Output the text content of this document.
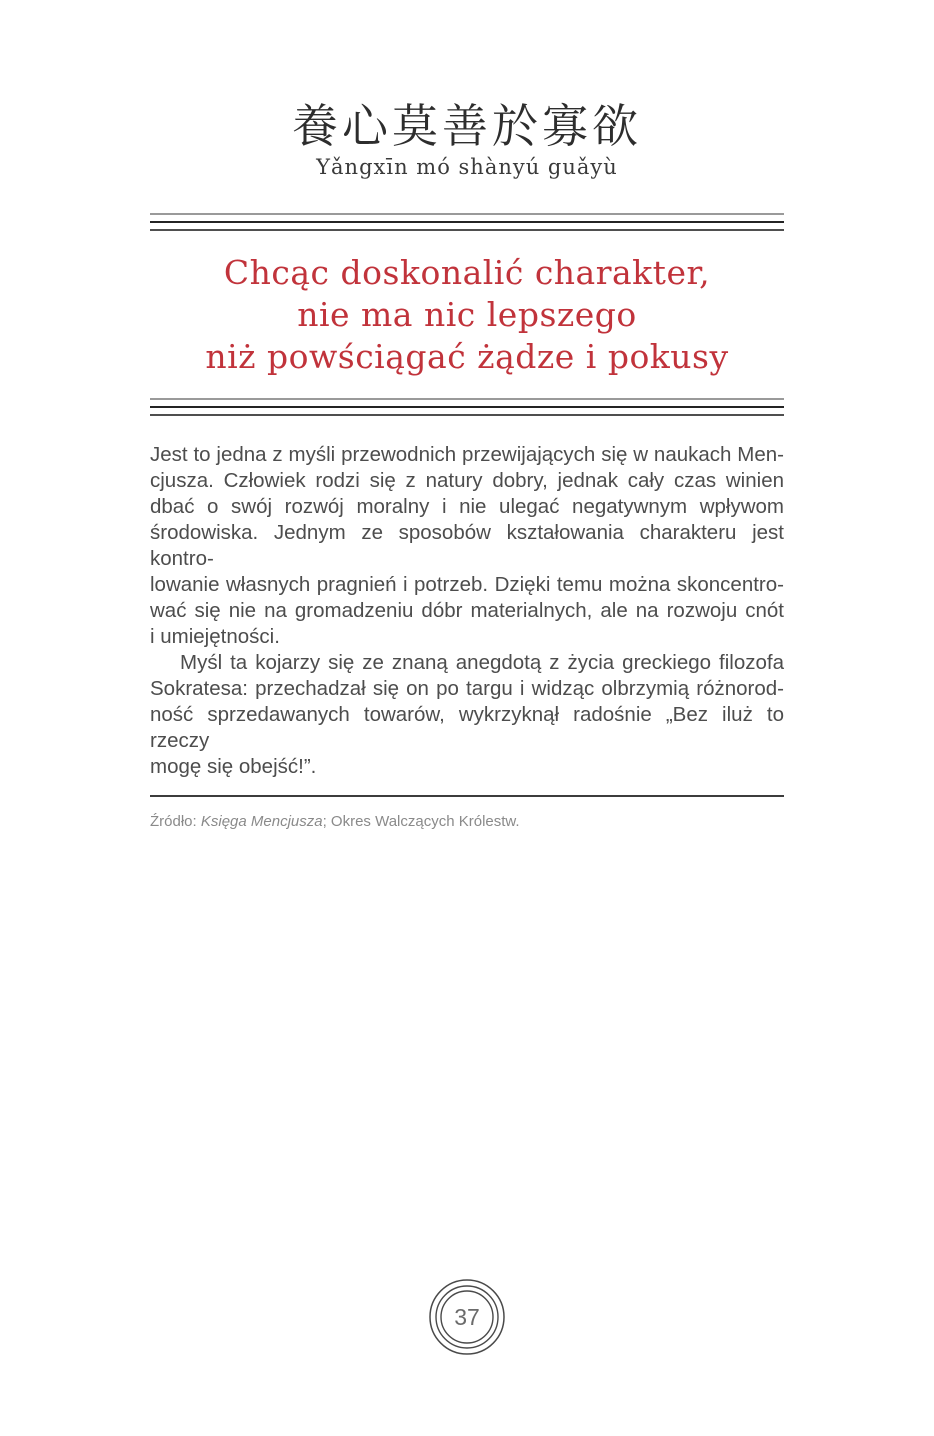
養心莫善於寡欲
Yǎngxīn mó shànyú guǎyù
Chcąc doskonalić charakter,
nie ma nic lepszego
niż powściągać żądze i pokusy
Jest to jedna z myśli przewodnich przewijających się w naukach Men-
cjusza. Człowiek rodzi się z natury dobry, jednak cały czas winien
dbać o swój rozwój moralny i nie ulegać negatywnym wpływom
środowiska. Jednym ze sposobów kształowania charakteru jest kontro-
lowanie własnych pragnień i potrzeb. Dzięki temu można skoncentro-
wać się nie na gromadzeniu dóbr materialnych, ale na rozwoju cnót
i umiejętności.
Myśl ta kojarzy się ze znaną anegdotą z życia greckiego filozofa
Sokratesa: przechadzał się on po targu i widząc olbrzymią różnorod-
ność sprzedawanych towarów, wykrzyknął radośnie „Bez iluż to rzeczy
mogę się obejść!”.

Źródło: Księga Mencjusza; Okres Walczących Królestw.

37
